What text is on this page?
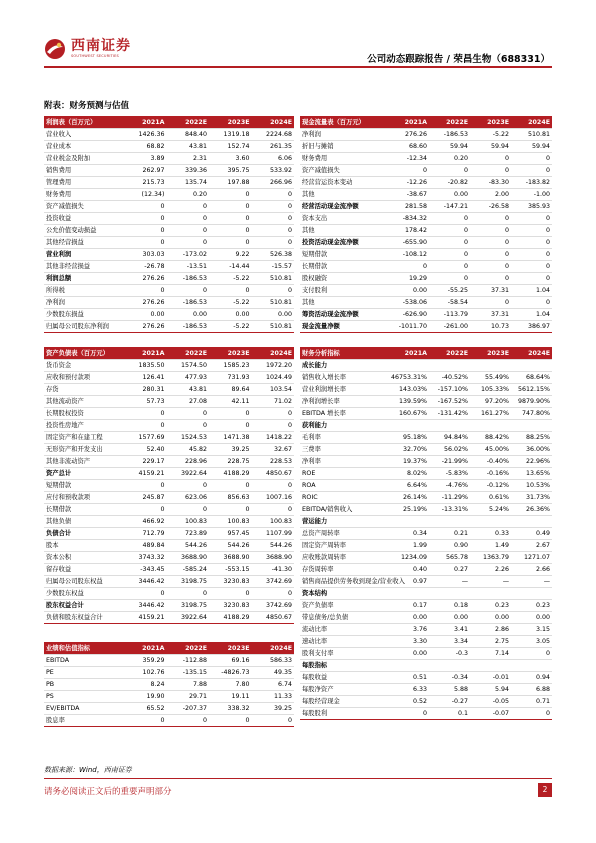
西南证券
SOUTHWEST SECURITIES	公司动态跟踪报告 / 荣昌生物（688331）
附表：财务预测与估值
利润表（百万元）	2021A	2022E	2023E	2024E
营业收入	1426.36	848.40	1319.18	2224.68
营业成本	68.82	43.81	152.74	261.35
营业税金及附加	3.89	2.31	3.60	6.06
销售费用	262.97	339.36	395.75	533.92
管理费用	215.73	135.74	197.88	266.96
财务费用	(12.34)	0.20	0	0
资产减值损失	0	0	0	0
投资收益	0	0	0	0
公允价值变动损益	0	0	0	0
其他经营损益	0	0	0	0
营业利润	303.03	-173.02	9.22	526.38
其他非经营损益	-26.78	-13.51	-14.44	-15.57
利润总额	276.26	-186.53	-5.22	510.81
所得税	0	0	0	0
净利润	276.26	-186.53	-5.22	510.81
少数股东损益	0.00	0.00	0.00	0.00
归属母公司股东净利润	276.26	-186.53	-5.22	510.81
现金流量表（百万元）	2021A	2022E	2023E	2024E
净利润	276.26	-186.53	-5.22	510.81
折旧与摊销	68.60	59.94	59.94	59.94
财务费用	-12.34	0.20	0	0
资产减值损失	0	0	0	0
经营营运资本变动	-12.26	-20.82	-83.30	-183.82
其他	-38.67	0.00	2.00	-1.00
经营活动现金流净额	281.58	-147.21	-26.58	385.93
资本支出	-834.32	0	0	0
其他	178.42	0	0	0
投资活动现金流净额	-655.90	0	0	0
短期借款	-108.12	0	0	0
长期借款	0	0	0	0
股权融资	19.29	0	0	0
支付股利	0.00	-55.25	37.31	1.04
其他	-538.06	-58.54	0	0
筹资活动现金流净额	-626.90	-113.79	37.31	1.04
现金流量净额	-1011.70	-261.00	10.73	386.97
资产负债表（百万元）	2021A	2022E	2023E	2024E
货币资金	1835.50	1574.50	1585.23	1972.20
应收和预付款项	126.41	477.93	731.93	1024.49
存货	280.31	43.81	89.64	103.54
其他流动资产	57.73	27.08	42.11	71.02
长期股权投资	0	0	0	0
投资性房地产	0	0	0	0
固定资产和在建工程	1577.69	1524.53	1471.38	1418.22
无形资产和开发支出	52.40	45.82	39.25	32.67
其他非流动资产	229.17	228.96	228.75	228.53
资产总计	4159.21	3922.64	4188.29	4850.67
短期借款	0	0	0	0
应付和预收款项	245.87	623.06	856.63	1007.16
长期借款	0	0	0	0
其他负债	466.92	100.83	100.83	100.83
负债合计	712.79	723.89	957.45	1107.99
股本	489.84	544.26	544.26	544.26
资本公积	3743.32	3688.90	3688.90	3688.90
留存收益	-343.45	-585.24	-553.15	-41.30
归属母公司股东权益	3446.42	3198.75	3230.83	3742.69
少数股东权益	0	0	0	0
股东权益合计	3446.42	3198.75	3230.83	3742.69
负债和股东权益合计	4159.21	3922.64	4188.29	4850.67
财务分析指标	2021A	2022E	2023E	2024E
成长能力				
销售收入增长率	46753.31%	-40.52%	55.49%	68.64%
营业利润增长率	143.03%	-157.10%	105.33%	5612.15%
净利润增长率	139.59%	-167.52%	97.20%	9879.90%
EBITDA 增长率	160.67%	-131.42%	161.27%	747.80%
获利能力				
毛利率	95.18%	94.84%	88.42%	88.25%
三费率	32.70%	56.02%	45.00%	36.00%
净利率	19.37%	-21.99%	-0.40%	22.96%
ROE	8.02%	-5.83%	-0.16%	13.65%
ROA	6.64%	-4.76%	-0.12%	10.53%
ROIC	26.14%	-11.29%	0.61%	31.73%
EBITDA/销售收入	25.19%	-13.31%	5.24%	26.36%
营运能力				
总资产周转率	0.34	0.21	0.33	0.49
固定资产周转率	1.99	0.90	1.49	2.67
应收账款周转率	1234.09	565.78	1363.79	1271.07
存货周转率	0.40	0.27	2.26	2.66
销售商品提供劳务收到现金/营业收入	0.97	—	—	—
资本结构				
资产负债率	0.17	0.18	0.23	0.23
带息债务/总负债	0.00	0.00	0.00	0.00
流动比率	3.76	3.41	2.86	3.15
速动比率	3.30	3.34	2.75	3.05
股利支付率	0.00	-0.3	7.14	0
每股指标				
每股收益	0.51	-0.34	-0.01	0.94
每股净资产	6.33	5.88	5.94	6.88
每股经营现金	0.52	-0.27	-0.05	0.71
每股股利	0	0.1	-0.07	0
业绩和估值指标	2021A	2022E	2023E	2024E
EBITDA	359.29	-112.88	69.16	586.33
PE	102.76	-135.15	-4826.73	49.35
PB	8.24	7.88	7.80	6.74
PS	19.90	29.71	19.11	11.33
EV/EBITDA	65.52	-207.37	338.32	39.25
股息率	0	0	0	0
数据来源：Wind，西南证券
请务必阅读正文后的重要声明部分	2
